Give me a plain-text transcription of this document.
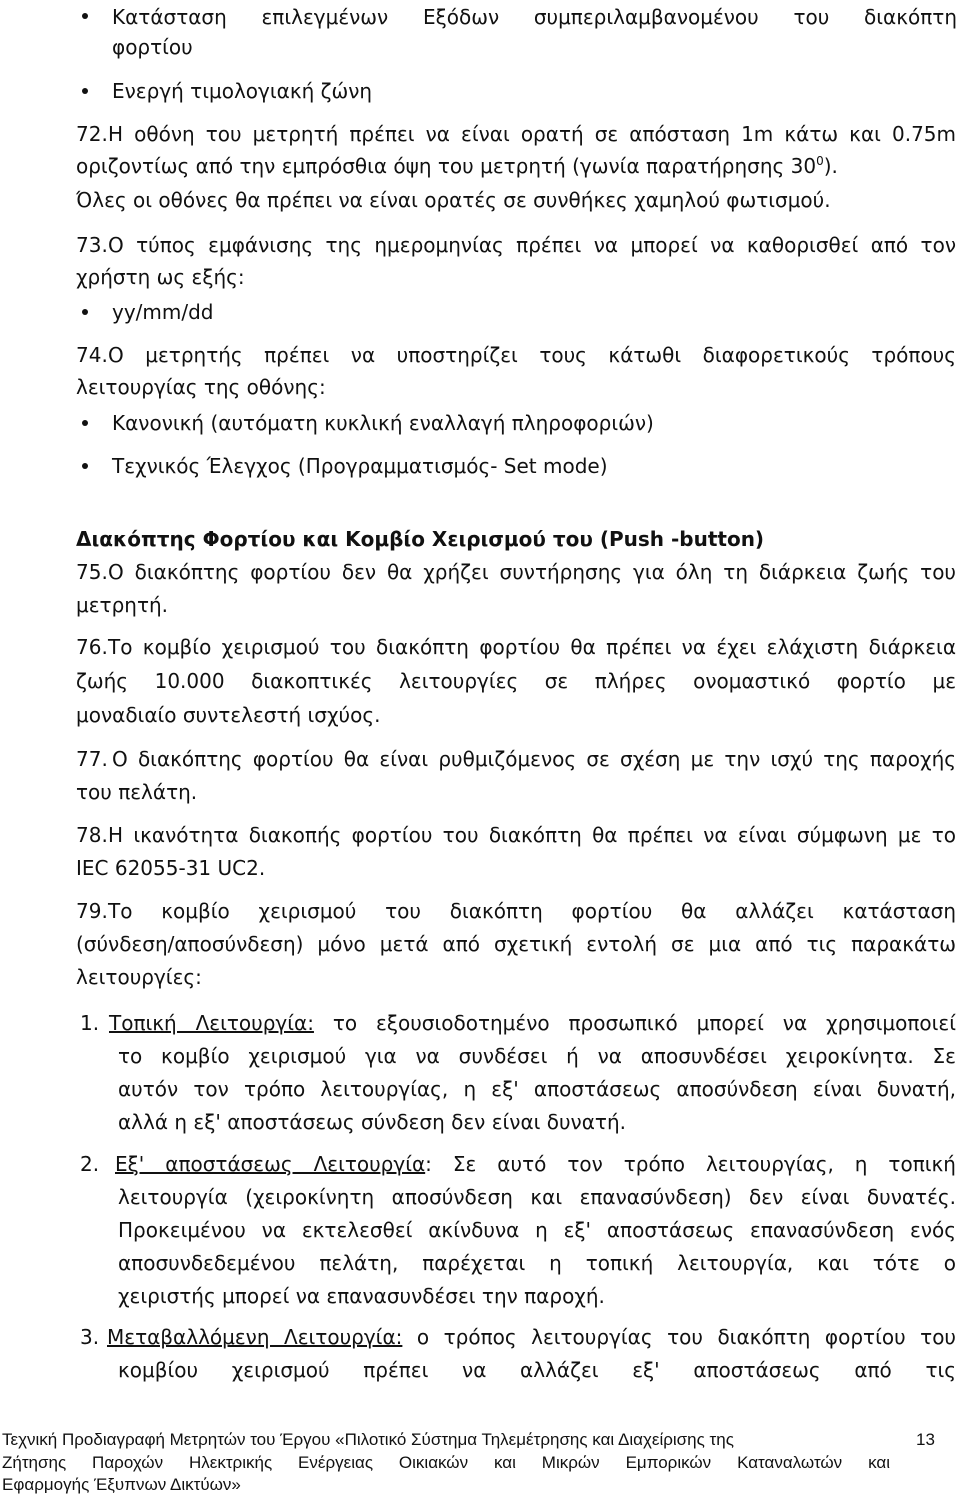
Κατάσταση επιλεγμένων Εξόδων συμπεριλαμβανομένου του διακόπτη
φορτίου
Ενεργή τιμολογιακή ζώνη
72. Η οθόνη του μετρητή πρέπει να είναι ορατή σε απόσταση 1m κάτω και 0.75m
οριζοντίως από την εμπρόσθια όψη του μετρητή (γωνία παρατήρησης $30^0$).
Όλες οι οθόνες θα πρέπει να είναι ορατές σε συνθήκες χαμηλού φωτισμού.
73. Ο τύπος εμφάνισης της ημερομηνίας πρέπει να μπορεί να καθορισθεί από τον
χρήστη ως εξής:
yy/mm/dd
74. Ο μετρητής πρέπει να υποστηρίζει τους κάτωθι διαφορετικούς τρόπους
λειτουργίας της οθόνης:
Κανονική (αυτόματη κυκλική εναλλαγή πληροφοριών)
Τεχνικός Έλεγχος (Προγραμματισμός- Set mode)
Διακόπτης Φορτίου και Κομβίο Χειρισμού του (Push -button)
75. Ο διακόπτης φορτίου δεν θα χρήζει συντήρησης για όλη τη διάρκεια ζωής του
μετρητή.
76. Το κομβίο χειρισμού του διακόπτη φορτίου θα πρέπει να έχει ελάχιστη διάρκεια
ζωής 10.000 διακοπτικές λειτουργίες σε πλήρες ονομαστικό φορτίο με
μοναδιαίο συντελεστή ισχύος.
77. Ο διακόπτης φορτίου θα είναι ρυθμιζόμενος σε σχέση με την ισχύ της παροχής
του πελάτη.
78. Η ικανότητα διακοπής φορτίου του διακόπτη θα πρέπει να είναι σύμφωνη με το
IEC 62055-31 UC2.
79. Το κομβίο χειρισμού του διακόπτη φορτίου θα αλλάζει κατάσταση
(σύνδεση/αποσύνδεση) μόνο μετά από σχετική εντολή σε μια από τις παρακάτω
λειτουργίες:
1. Τοπική Λειτουργία: το εξουσιοδοτημένο προσωπικό μπορεί να χρησιμοποιεί
το κομβίο χειρισμού για να συνδέσει ή να αποσυνδέσει χειροκίνητα. Σε
αυτόν τον τρόπο λειτουργίας, η εξ' αποστάσεως αποσύνδεση είναι δυνατή,
αλλά η εξ' αποστάσεως σύνδεση δεν είναι δυνατή.
2. Εξ' αποστάσεως Λειτουργία: Σε αυτό τον τρόπο λειτουργίας, η τοπική
λειτουργία (χειροκίνητη αποσύνδεση και επανασύνδεση) δεν είναι δυνατές.
Προκειμένου να εκτελεσθεί ακίνδυνα η εξ' αποστάσεως επανασύνδεση ενός
αποσυνδεδεμένου πελάτη, παρέχεται η τοπική λειτουργία, και τότε ο
χειριστής μπορεί να επανασυνδέσει την παροχή.
3. Μεταβαλλόμενη Λειτουργία: ο τρόπος λειτουργίας του διακόπτη φορτίου του
κομβίου χειρισμού πρέπει να αλλάζει εξ' αποστάσεως από τις
Τεχνική Προδιαγραφή Μετρητών του Έργου «Πιλοτικό Σύστημα Τηλεμέτρησης και Διαχείρισης της	13
Ζήτησης Παροχών Ηλεκτρικής Ενέργειας Οικιακών και Μικρών Εμπορικών Καταναλωτών και
Εφαρμογής Έξυπνων Δικτύων»
